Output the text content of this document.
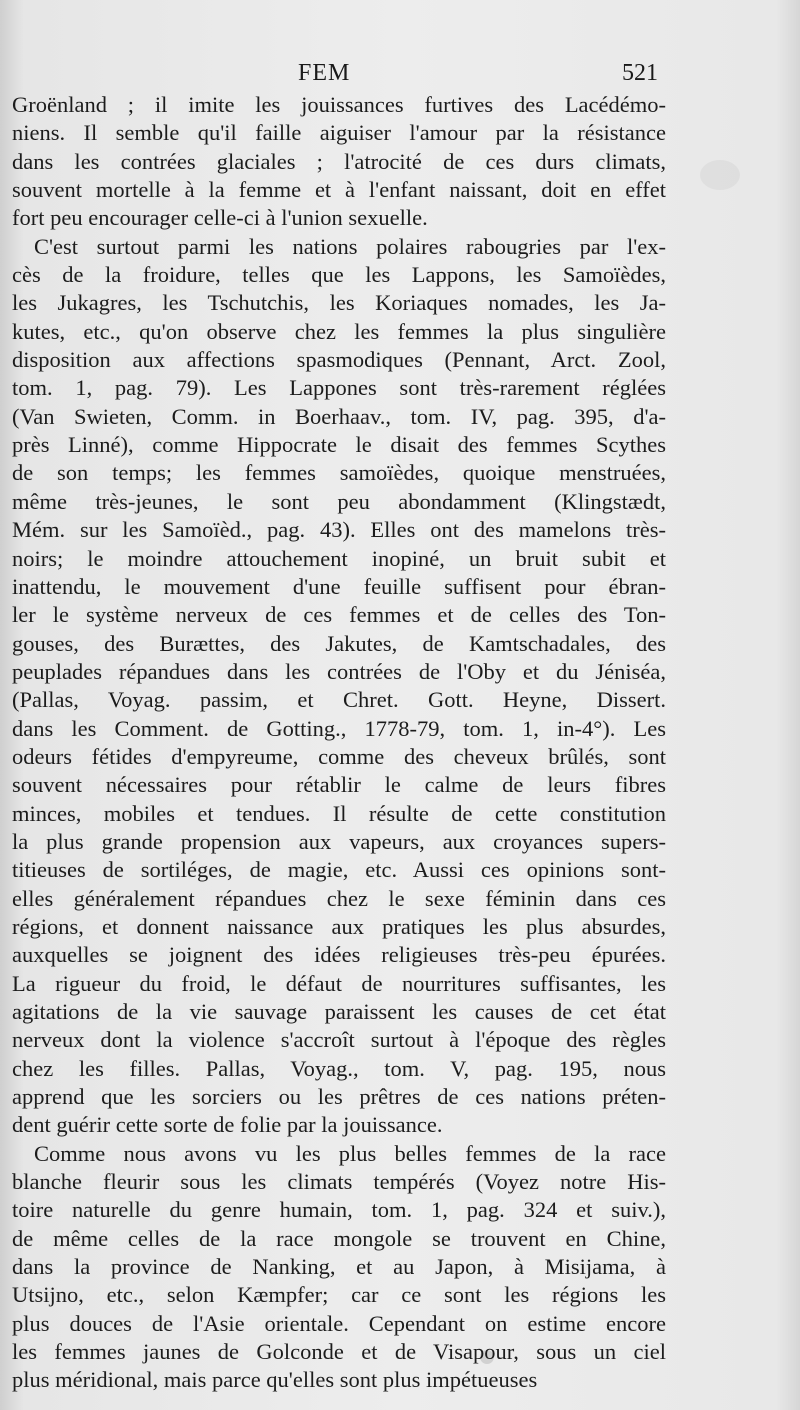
FEM	521
Groënland ; il imite les jouissances furtives des Lacédémo-
niens. Il semble qu'il faille aiguiser l'amour par la résistance
dans les contrées glaciales ; l'atrocité de ces durs climats,
souvent mortelle à la femme et à l'enfant naissant, doit en effet
fort peu encourager celle-ci à l'union sexuelle.
C'est surtout parmi les nations polaires rabougries par l'ex-
cès de la froidure, telles que les Lappons, les Samoïèdes,
les Jukagres, les Tschutchis, les Koriaques nomades, les Ja-
kutes, etc., qu'on observe chez les femmes la plus singulière
disposition aux affections spasmodiques (Pennant, Arct. Zool,
tom. 1, pag. 79). Les Lappones sont très-rarement réglées
(Van Swieten, Comm. in Boerhaav., tom. IV, pag. 395, d'a-
près Linné), comme Hippocrate le disait des femmes Scythes
de son temps; les femmes samoïèdes, quoique menstruées,
même très-jeunes, le sont peu abondamment (Klingstædt,
Mém. sur les Samoïèd., pag. 43). Elles ont des mamelons très-
noirs; le moindre attouchement inopiné, un bruit subit et
inattendu, le mouvement d'une feuille suffisent pour ébran-
ler le système nerveux de ces femmes et de celles des Ton-
gouses, des Burættes, des Jakutes, de Kamtschadales, des
peuplades répandues dans les contrées de l'Oby et du Jéniséa,
(Pallas, Voyag. passim, et Chret. Gott. Heyne, Dissert.
dans les Comment. de Gotting., 1778-79, tom. 1, in-4°). Les
odeurs fétides d'empyreume, comme des cheveux brûlés, sont
souvent nécessaires pour rétablir le calme de leurs fibres
minces, mobiles et tendues. Il résulte de cette constitution
la plus grande propension aux vapeurs, aux croyances supers-
titieuses de sortiléges, de magie, etc. Aussi ces opinions sont-
elles généralement répandues chez le sexe féminin dans ces
régions, et donnent naissance aux pratiques les plus absurdes,
auxquelles se joignent des idées religieuses très-peu épurées.
La rigueur du froid, le défaut de nourritures suffisantes, les
agitations de la vie sauvage paraissent les causes de cet état
nerveux dont la violence s'accroît surtout à l'époque des règles
chez les filles. Pallas, Voyag., tom. V, pag. 195, nous
apprend que les sorciers ou les prêtres de ces nations préten-
dent guérir cette sorte de folie par la jouissance.
Comme nous avons vu les plus belles femmes de la race
blanche fleurir sous les climats tempérés (Voyez notre His-
toire naturelle du genre humain, tom. 1, pag. 324 et suiv.),
de même celles de la race mongole se trouvent en Chine,
dans la province de Nanking, et au Japon, à Misijama, à
Utsijno, etc., selon Kæmpfer; car ce sont les régions les
plus douces de l'Asie orientale. Cependant on estime encore
les femmes jaunes de Golconde et de Visapour, sous un ciel
plus méridional, mais parce qu'elles sont plus impétueuses
